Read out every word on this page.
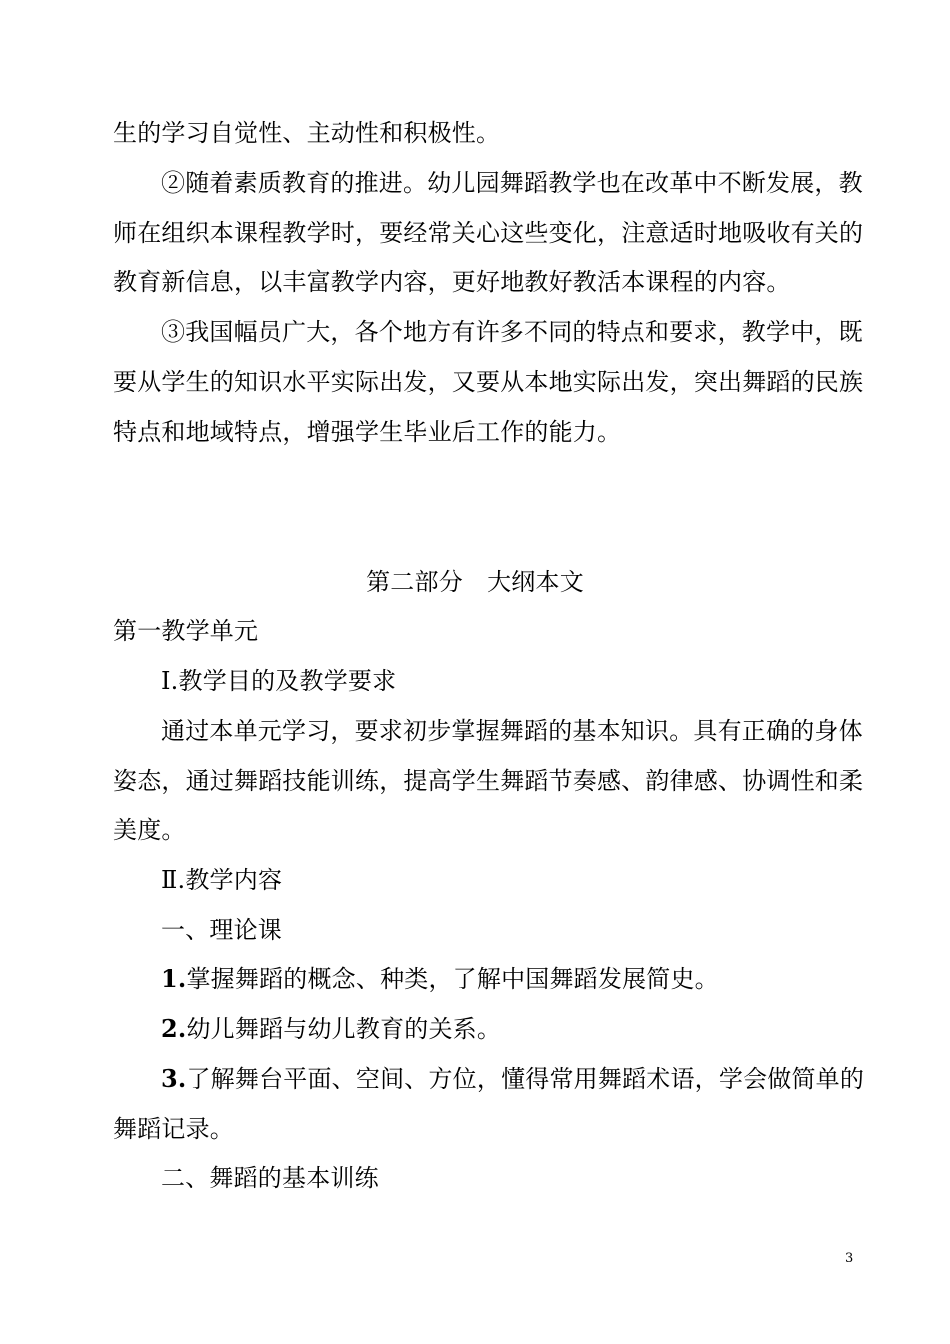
生的学习自觉性、主动性和积极性。
②随着素质教育的推进。幼儿园舞蹈教学也在改革中不断发展，教
师在组织本课程教学时，要经常关心这些变化，注意适时地吸收有关的
教育新信息，以丰富教学内容，更好地教好教活本课程的内容。
③我国幅员广大，各个地方有许多不同的特点和要求，教学中，既
要从学生的知识水平实际出发，又要从本地实际出发，突出舞蹈的民族
特点和地域特点，增强学生毕业后工作的能力。
第二部分　大纲本文
第一教学单元
Ⅰ.教学目的及教学要求
通过本单元学习，要求初步掌握舞蹈的基本知识。具有正确的身体
姿态，通过舞蹈技能训练，提高学生舞蹈节奏感、韵律感、协调性和柔
美度。
Ⅱ.教学内容
一、理论课
1.掌握舞蹈的概念、种类，了解中国舞蹈发展简史。
2.幼儿舞蹈与幼儿教育的关系。
3.了解舞台平面、空间、方位，懂得常用舞蹈术语，学会做简单的
舞蹈记录。
二、舞蹈的基本训练
3
